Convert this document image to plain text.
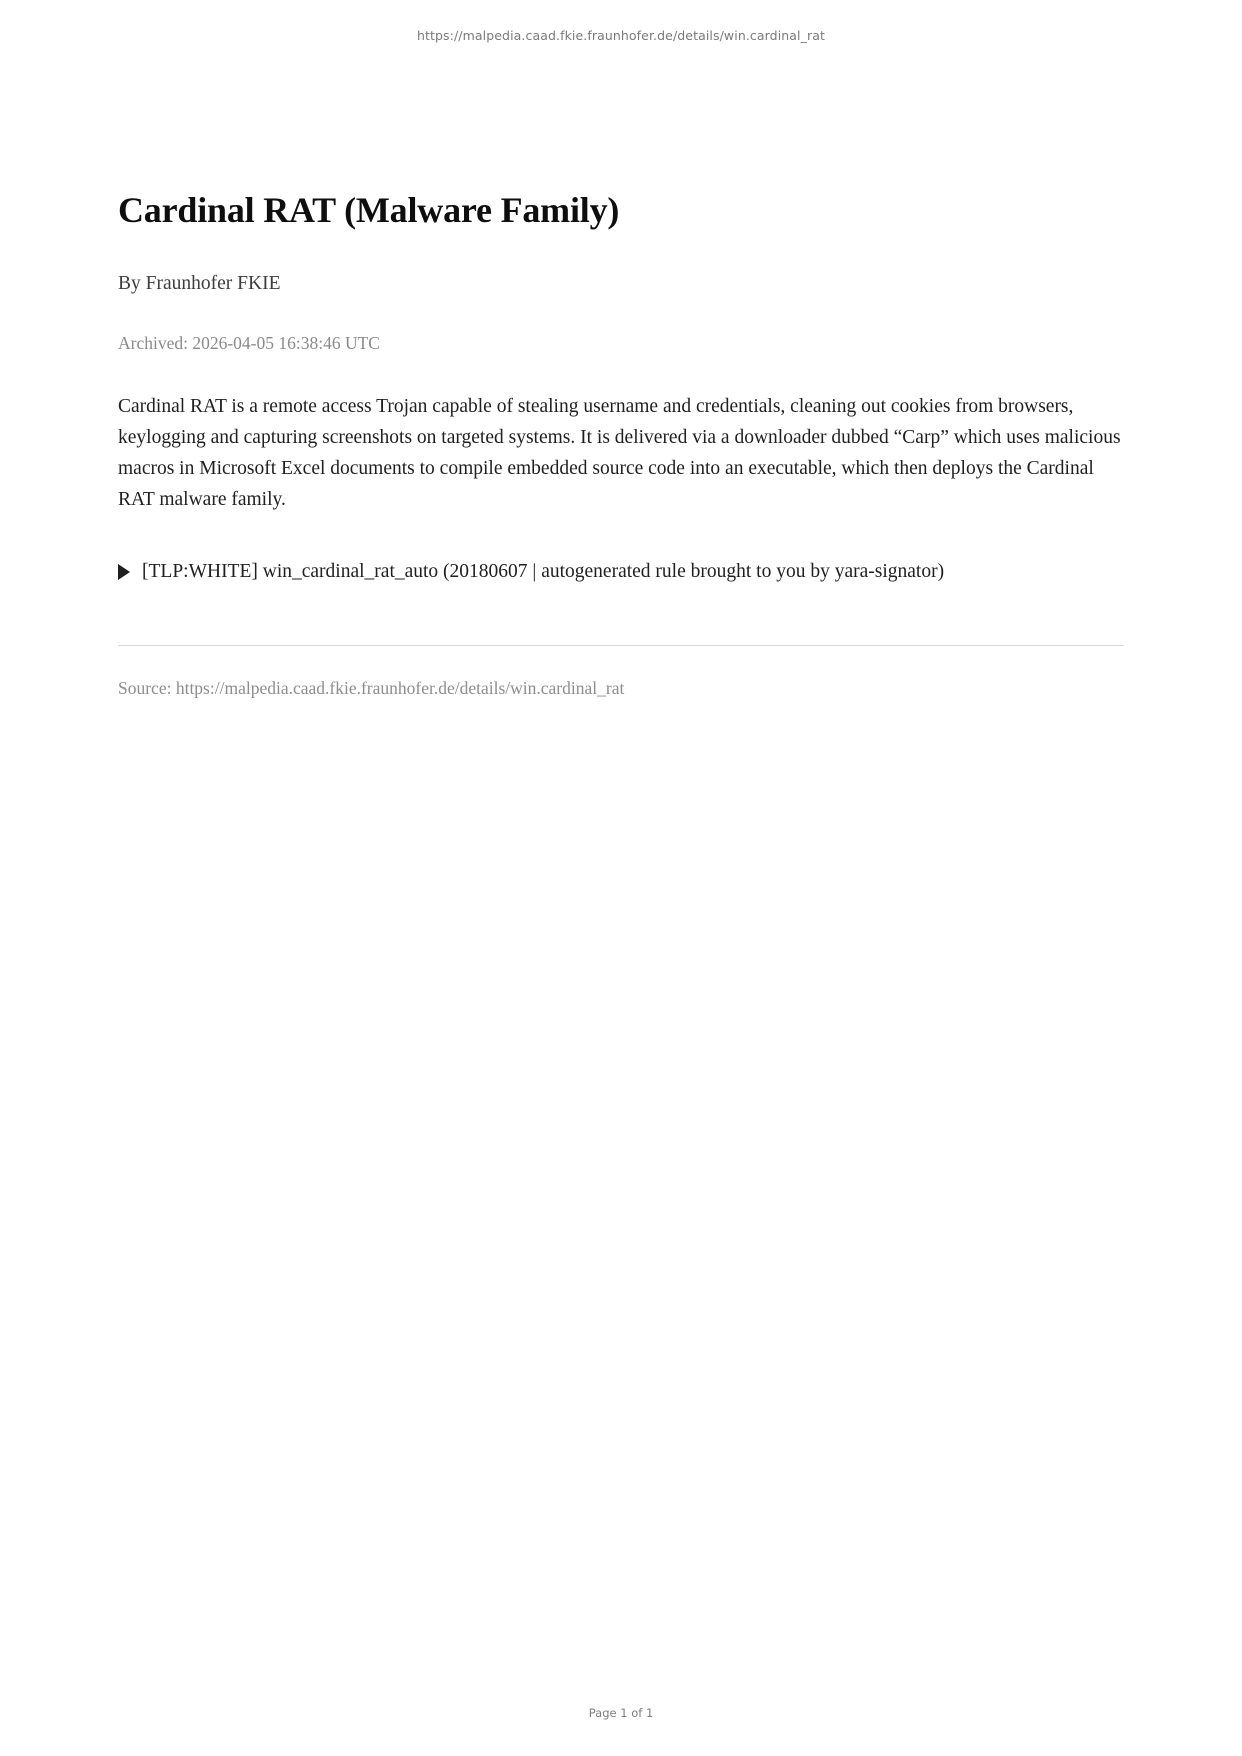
https://malpedia.caad.fkie.fraunhofer.de/details/win.cardinal_rat
Cardinal RAT (Malware Family)

By Fraunhofer FKIE

Archived: 2026-04-05 16:38:46 UTC

Cardinal RAT is a remote access Trojan capable of stealing username and credentials, cleaning out cookies from browsers, keylogging and capturing screenshots on targeted systems. It is delivered via a downloader dubbed “Carp” which uses malicious macros in Microsoft Excel documents to compile embedded source code into an executable, which then deploys the Cardinal RAT malware family.

[TLP:WHITE] win_cardinal_rat_auto (20180607 | autogenerated rule brought to you by yara-signator)
Source: https://malpedia.caad.fkie.fraunhofer.de/details/win.cardinal_rat
Page 1 of 1
